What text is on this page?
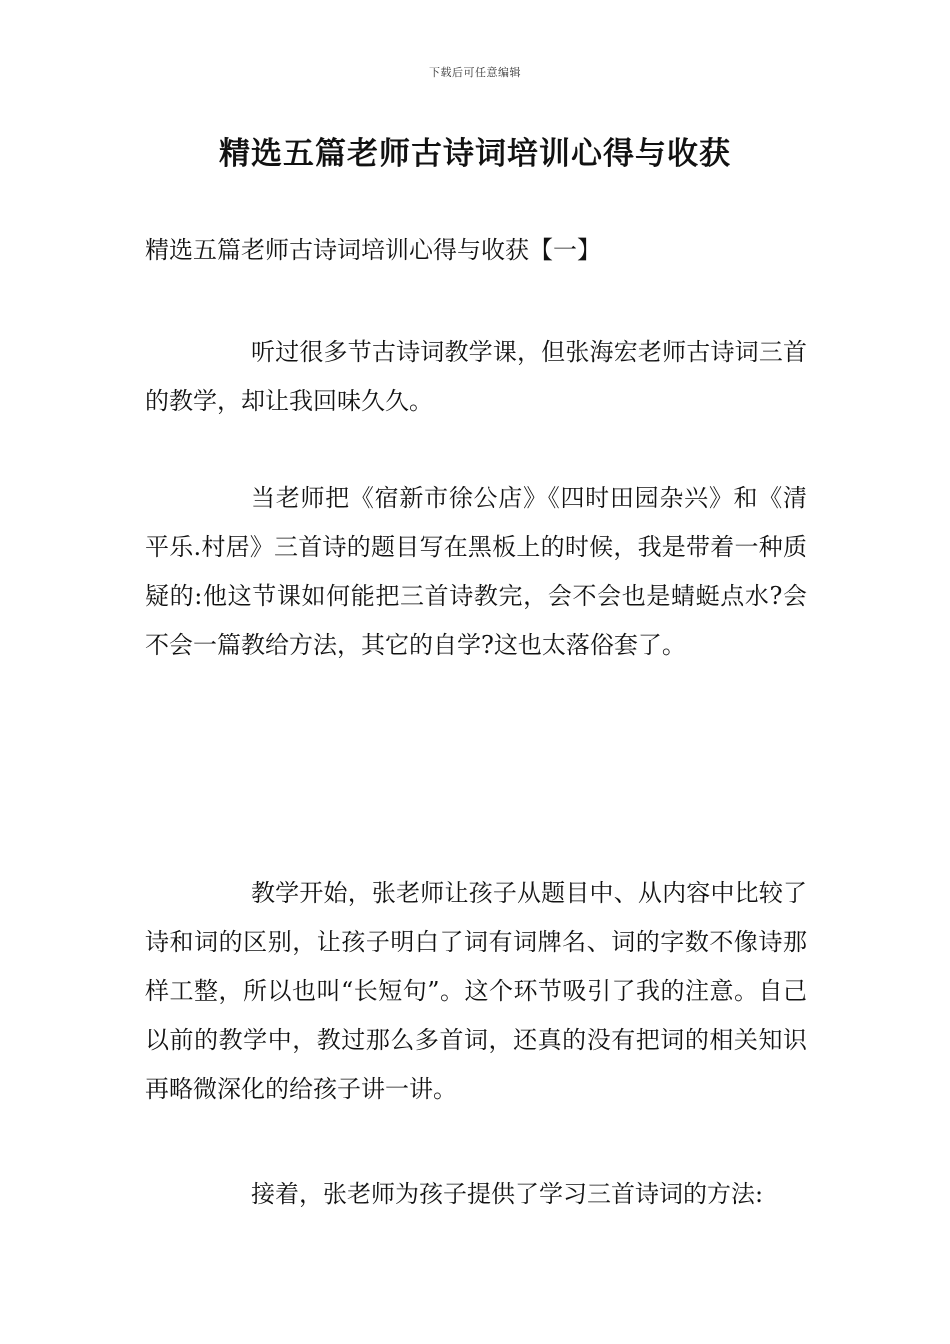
下载后可任意编辑
精选五篇老师古诗词培训心得与收获
精选五篇老师古诗词培训心得与收获【一】

听过很多节古诗词教学课，但张海宏老师古诗词三首的教学，却让我回味久久。

当老师把《宿新市徐公店》《四时田园杂兴》和《清平乐.村居》三首诗的题目写在黑板上的时候，我是带着一种质疑的:他这节课如何能把三首诗教完，会不会也是蜻蜓点水?会不会一篇教给方法，其它的自学?这也太落俗套了。

教学开始，张老师让孩子从题目中、从内容中比较了诗和词的区别，让孩子明白了词有词牌名、词的字数不像诗那样工整，所以也叫“长短句”。这个环节吸引了我的注意。自己以前的教学中，教过那么多首词，还真的没有把词的相关知识再略微深化的给孩子讲一讲。

接着，张老师为孩子提供了学习三首诗词的方法:
